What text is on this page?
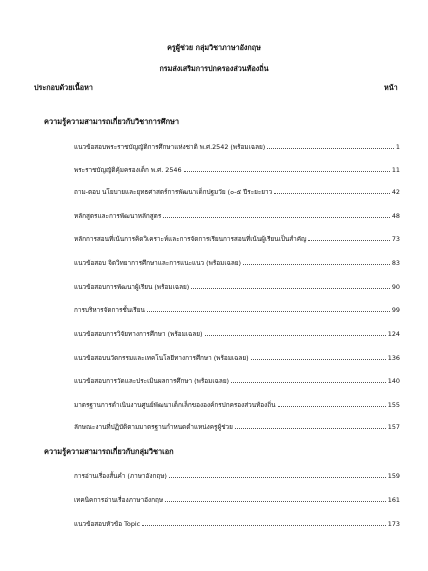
ครูผู้ช่วย กลุ่มวิชาภาษาอังกฤษ
กรมส่งเสริมการปกครองส่วนท้องถิ่น
ประกอบด้วยเนื้อหา	หน้า
ความรู้ความสามารถเกี่ยวกับวิชาการศึกษา
แนวข้อสอบพระราชบัญญัติการศึกษาแห่งชาติ พ.ศ.2542 (พร้อมเฉลย)	1
พระราชบัญญัติคุ้มครองเด็ก พ.ศ. 2546	11
ถาม-ตอบ นโยบายและยุทธศาสตร์การพัฒนาเด็กปฐมวัย (๐-๕ ปีระยะยาว	42
หลักสูตรและการพัฒนาหลักสูตร	48
หลักการสอนที่เน้นการคิดวิเคราะห์และการจัดการเรียนการสอนที่เน้นผู้เรียนเป็นสำคัญ	73
แนวข้อสอบ จิตวิทยาการศึกษาและการแนะแนว (พร้อมเฉลย)	83
แนวข้อสอบการพัฒนาผู้เรียน (พร้อมเฉลย)	90
การบริหารจัดการชั้นเรียน	99
แนวข้อสอบการวิจัยทางการศึกษา (พร้อมเฉลย)	124
แนวข้อสอบนวัตกรรมและเทคโนโลยีทางการศึกษา (พร้อมเฉลย)	136
แนวข้อสอบการวัดและประเมินผลการศึกษา (พร้อมเฉลย)	140
มาตรฐานการดำเนินงานศูนย์พัฒนาเด็กเล็กขององค์กรปกครองส่วนท้องถิ่น	155
ลักษณะงานที่ปฏิบัติตามมาตรฐานกำหนดตำแหน่งครูผู้ช่วย	157
ความรู้ความสามารถเกี่ยวกับกลุ่มวิชาเอก
การอ่านเรื่องสั้นคำ (ภาษาอังกฤษ)	159
เทคนิคการอ่านเรื่องภาษาอังกฤษ	161
แนวข้อสอบหัวข้อ Topic	173
